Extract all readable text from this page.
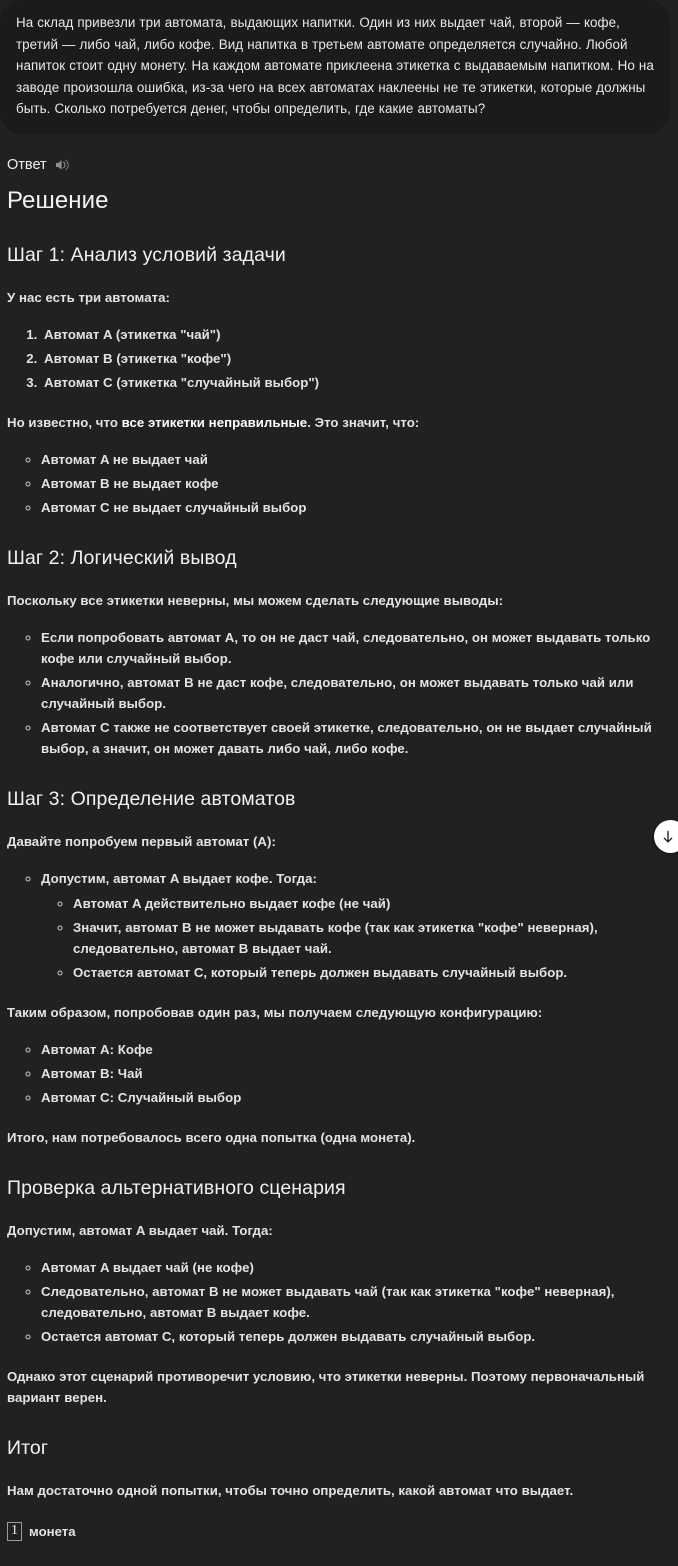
На склад привезли три автомата, выдающих напитки. Один из них выдает чай, второй — кофе, третий — либо чай, либо кофе. Вид напитка в третьем автомате определяется случайно. Любой напиток стоит одну монету. На каждом автомате приклеена этикетка с выдаваемым напитком. Но на заводе произошла ошибка, из-за чего на всех автоматах наклеены не те этикетки, которые должны быть. Сколько потребуется денег, чтобы определить, где какие автоматы?
Ответ
Решение
Шаг 1: Анализ условий задачи

У нас есть три автомата:

1. Автомат A (этикетка "чай")
2. Автомат B (этикетка "кофе")
3. Автомат C (этикетка "случайный выбор")

Но известно, что все этикетки неправильные. Это значит, что:

◦ Автомат A не выдает чай
◦ Автомат B не выдает кофе
◦ Автомат C не выдает случайный выбор
Шаг 2: Логический вывод

Поскольку все этикетки неверны, мы можем сделать следующие выводы:

◦ Если попробовать автомат A, то он не даст чай, следовательно, он может выдавать только кофе или случайный выбор.
◦ Аналогично, автомат B не даст кофе, следовательно, он может выдавать только чай или случайный выбор.
◦ Автомат C также не соответствует своей этикетке, следовательно, он не выдает случайный выбор, а значит, он может давать либо чай, либо кофе.
Шаг 3: Определение автоматов

Давайте попробуем первый автомат (A):

◦ Допустим, автомат A выдает кофе. Тогда:
◦ Автомат A действительно выдает кофе (не чай)
◦ Значит, автомат B не может выдавать кофе (так как этикетка "кофе" неверная), следовательно, автомат B выдает чай.
◦ Остается автомат C, который теперь должен выдавать случайный выбор.

Таким образом, попробовав один раз, мы получаем следующую конфигурацию:

◦ Автомат A: Кофе
◦ Автомат B: Чай
◦ Автомат C: Случайный выбор

Итого, нам потребовалось всего одна попытка (одна монета).

Проверка альтернативного сценария

Допустим, автомат A выдает чай. Тогда:

◦ Автомат A выдает чай (не кофе)
◦ Следовательно, автомат B не может выдавать чай (так как этикетка "кофе" неверная), следовательно, автомат B выдает кофе.
◦ Остается автомат C, который теперь должен выдавать случайный выбор.

Однако этот сценарий противоречит условию, что этикетки неверны. Поэтому первоначальный вариант верен.

Итог

Нам достаточно одной попытки, чтобы точно определить, какой автомат что выдает.

1 монета
